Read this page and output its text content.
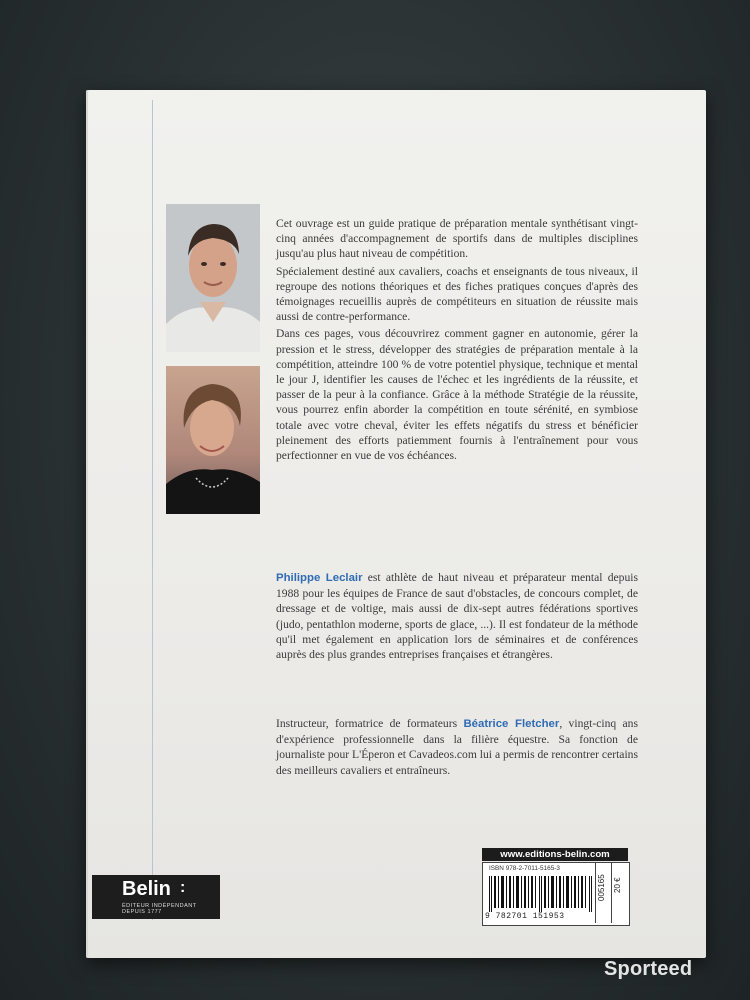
Cet ouvrage est un guide pratique de préparation mentale synthétisant vingt-cinq années d'accompagnement de sportifs dans de multiples disciplines jusqu'au plus haut niveau de compétition.

Spécialement destiné aux cavaliers, coachs et enseignants de tous niveaux, il regroupe des notions théoriques et des fiches pratiques conçues d'après des témoignages recueillis auprès de compétiteurs en situation de réussite mais aussi de contre-performance.

Dans ces pages, vous découvrirez comment gagner en autonomie, gérer la pression et le stress, développer des stratégies de préparation mentale à la compétition, atteindre 100 % de votre potentiel physique, technique et mental le jour J, identifier les causes de l'échec et les ingrédients de la réussite, et passer de la peur à la confiance. Grâce à la méthode Stratégie de la réussite, vous pourrez enfin aborder la compétition en toute sérénité, en symbiose totale avec votre cheval, éviter les effets négatifs du stress et bénéficier pleinement des efforts patiemment fournis à l'entraînement pour vous perfectionner en vue de vos échéances.

Philippe Leclair est athlète de haut niveau et préparateur mental depuis 1988 pour les équipes de France de saut d'obstacles, de concours complet, de dressage et de voltige, mais aussi de dix-sept autres fédérations sportives (judo, pentathlon moderne, sports de glace, ...). Il est fondateur de la méthode qu'il met également en application lors de séminaires et de conférences auprès des plus grandes entreprises françaises et étrangères.

Instructeur, formatrice de formateurs Béatrice Fletcher, vingt-cinq ans d'expérience professionnelle dans la filière équestre. Sa fonction de journaliste pour L'Éperon et Cavadeos.com lui a permis de rencontrer certains des meilleurs cavaliers et entraîneurs.

Belin :
ÉDITEUR INDÉPENDANT
DEPUIS 1777
www.editions-belin.com
ISBN 978-2-7011-5165-3
9 782701 151953
005165 20 €
Sporteed
